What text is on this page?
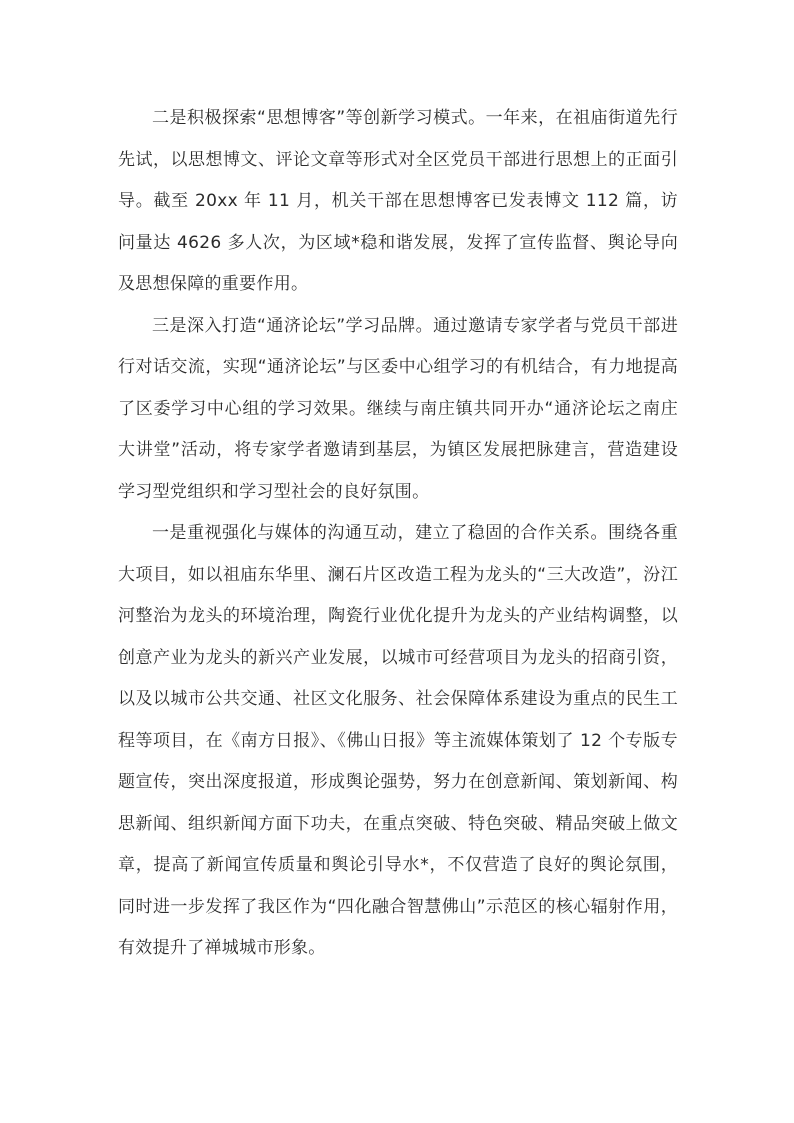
二是积极探索“思想博客”等创新学习模式。一年来，在祖庙街道先行先试，以思想博文、评论文章等形式对全区党员干部进行思想上的正面引导。截至 20xx 年 11 月，机关干部在思想博客已发表博文 112 篇，访问量达 4626 多人次，为区域*稳和谐发展，发挥了宣传监督、舆论导向及思想保障的重要作用。

三是深入打造“通济论坛”学习品牌。通过邀请专家学者与党员干部进行对话交流，实现“通济论坛”与区委中心组学习的有机结合，有力地提高了区委学习中心组的学习效果。继续与南庄镇共同开办“通济论坛之南庄大讲堂”活动，将专家学者邀请到基层，为镇区发展把脉建言，营造建设学习型党组织和学习型社会的良好氛围。

一是重视强化与媒体的沟通互动，建立了稳固的合作关系。围绕各重大项目，如以祖庙东华里、澜石片区改造工程为龙头的“三大改造”，汾江河整治为龙头的环境治理，陶瓷行业优化提升为龙头的产业结构调整，以创意产业为龙头的新兴产业发展，以城市可经营项目为龙头的招商引资，以及以城市公共交通、社区文化服务、社会保障体系建设为重点的民生工程等项目，在《南方日报》、《佛山日报》等主流媒体策划了 12 个专版专题宣传，突出深度报道，形成舆论强势，努力在创意新闻、策划新闻、构思新闻、组织新闻方面下功夫，在重点突破、特色突破、精品突破上做文章，提高了新闻宣传质量和舆论引导水*，不仅营造了良好的舆论氛围，同时进一步发挥了我区作为“四化融合智慧佛山”示范区的核心辐射作用，有效提升了禅城城市形象。
